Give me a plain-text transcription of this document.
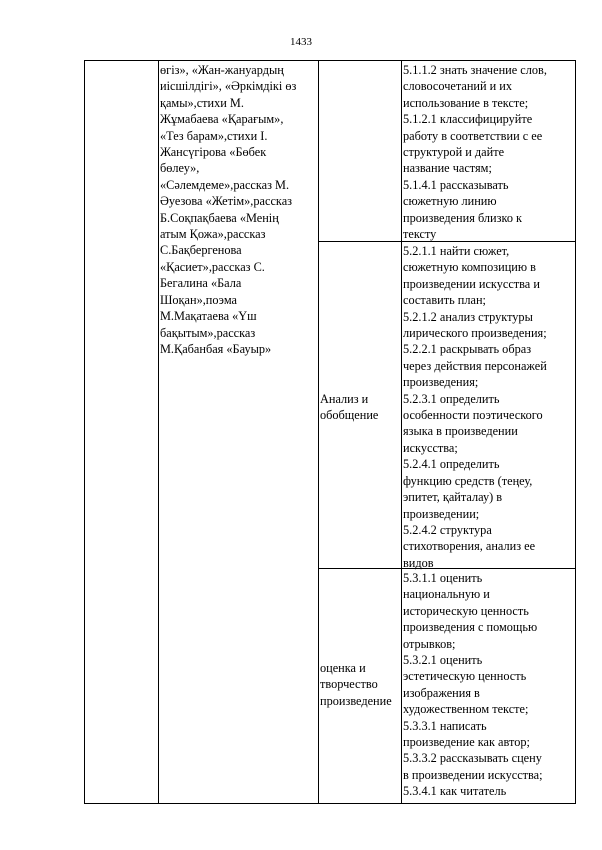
1433
өгіз», «Жан-жануардың
иісшілдігі», «Әркімдікі өз
қамы»,стихи М.
Жұмабаева «Қарағым»,
«Тез барам»,стихи І.
Жансүгірова «Бөбек
бөлеу»,
«Сәлемдеме»,рассказ М.
Әуезова «Жетім»,рассказ
Б.Соқпақбаева «Менің
атым Қожа»,рассказ
С.Бақбергенова
«Қасиет»,рассказ С.
Бегалина «Бала
Шоқан»,поэма
М.Мақатаева «Үш
бақытым»,рассказ
М.Қабанбая «Бауыр»
5.1.1.2 знать значение слов,
словосочетаний и их
использование в тексте;
5.1.2.1 классифицируйте
работу в соответствии с ее
структурой и дайте
название частям;
5.1.4.1 рассказывать
сюжетную линию
произведения близко к
тексту
Анализ и
обобщение
5.2.1.1 найти сюжет,
сюжетную композицию в
произведении искусства и
составить план;
5.2.1.2 анализ структуры
лирического произведения;
5.2.2.1 раскрывать образ
через действия персонажей
произведения;
5.2.3.1 определить
особенности поэтического
языка в произведении
искусства;
5.2.4.1 определить
функцию средств (теңеу,
эпитет, қайталау) в
произведении;
5.2.4.2 структура
стихотворения, анализ ее
видов
оценка и
творчество
произведение
5.3.1.1 оценить
национальную и
историческую ценность
произведения с помощью
отрывков;
5.3.2.1 оценить
эстетическую ценность
изображения в
художественном тексте;
5.3.3.1 написать
произведение как автор;
5.3.3.2 рассказывать сцену
в произведении искусства;
5.3.4.1 как читатель
